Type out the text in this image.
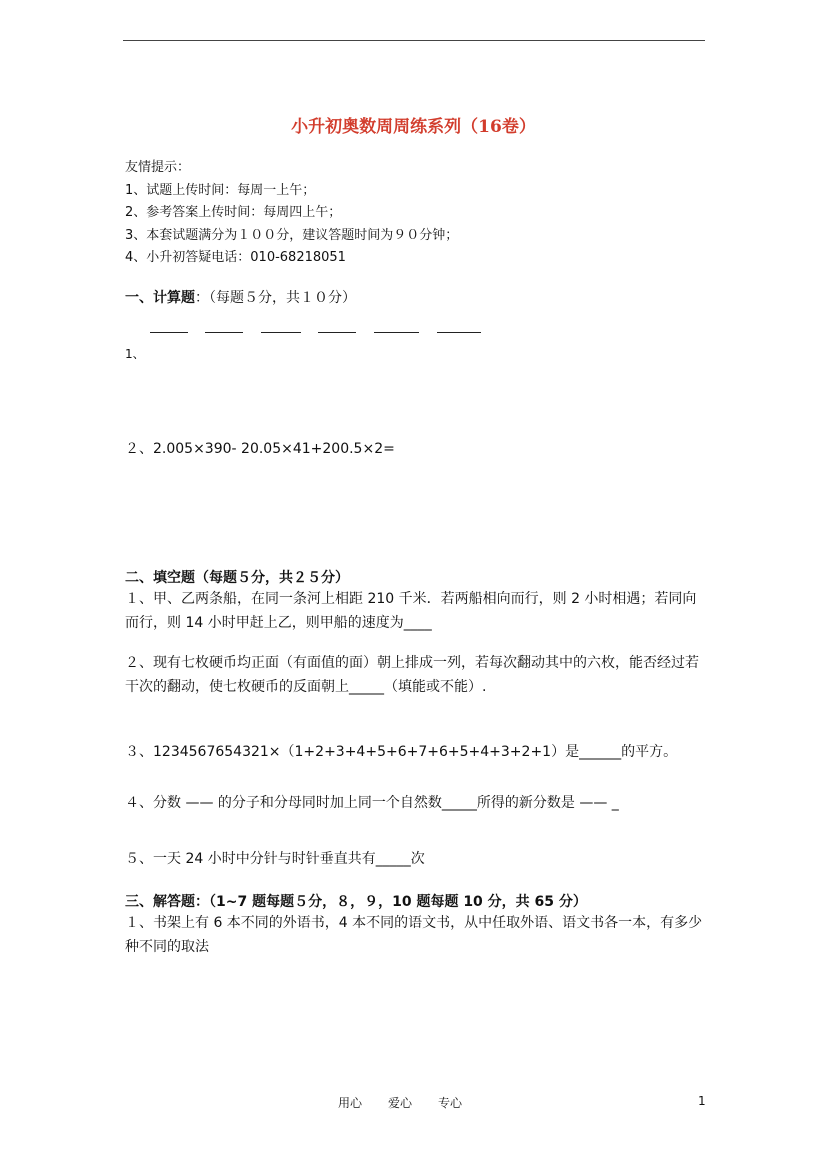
小升初奥数周周练系列（16卷）
友情提示：
1、试题上传时间：每周一上午；
2、参考答案上传时间：每周四上午；
3、本套试题满分为１００分，建议答题时间为９０分钟；
4、小升初答疑电话：010-68218051
一、计算题：（每题５分，共１０分）
1、
２、2.005×390- 20.05×41+200.5×2=
二、填空题（每题５分，共２５分）
１、甲、乙两条船，在同一条河上相距 210 千米．若两船相向而行，则 2 小时相遇；若同向而行，则 14 小时甲赶上乙，则甲船的速度为____
２、现有七枚硬币均正面（有面值的面）朝上排成一列，若每次翻动其中的六枚，能否经过若干次的翻动，使七枚硬币的反面朝上_____（填能或不能）.
３、1234567654321×（1+2+3+4+5+6+7+6+5+4+3+2+1）是______的平方。
４、分数 —— 的分子和分母同时加上同一个自然数_____所得的新分数是 —— _
５、一天 24 小时中分针与时针垂直共有_____次
三、解答题：（1~7 题每题５分，８，９，10 题每题 10 分，共 65 分）
１、书架上有 6 本不同的外语书，4 本不同的语文书，从中任取外语、语文书各一本，有多少种不同的取法
用心 爱心 专心	1
